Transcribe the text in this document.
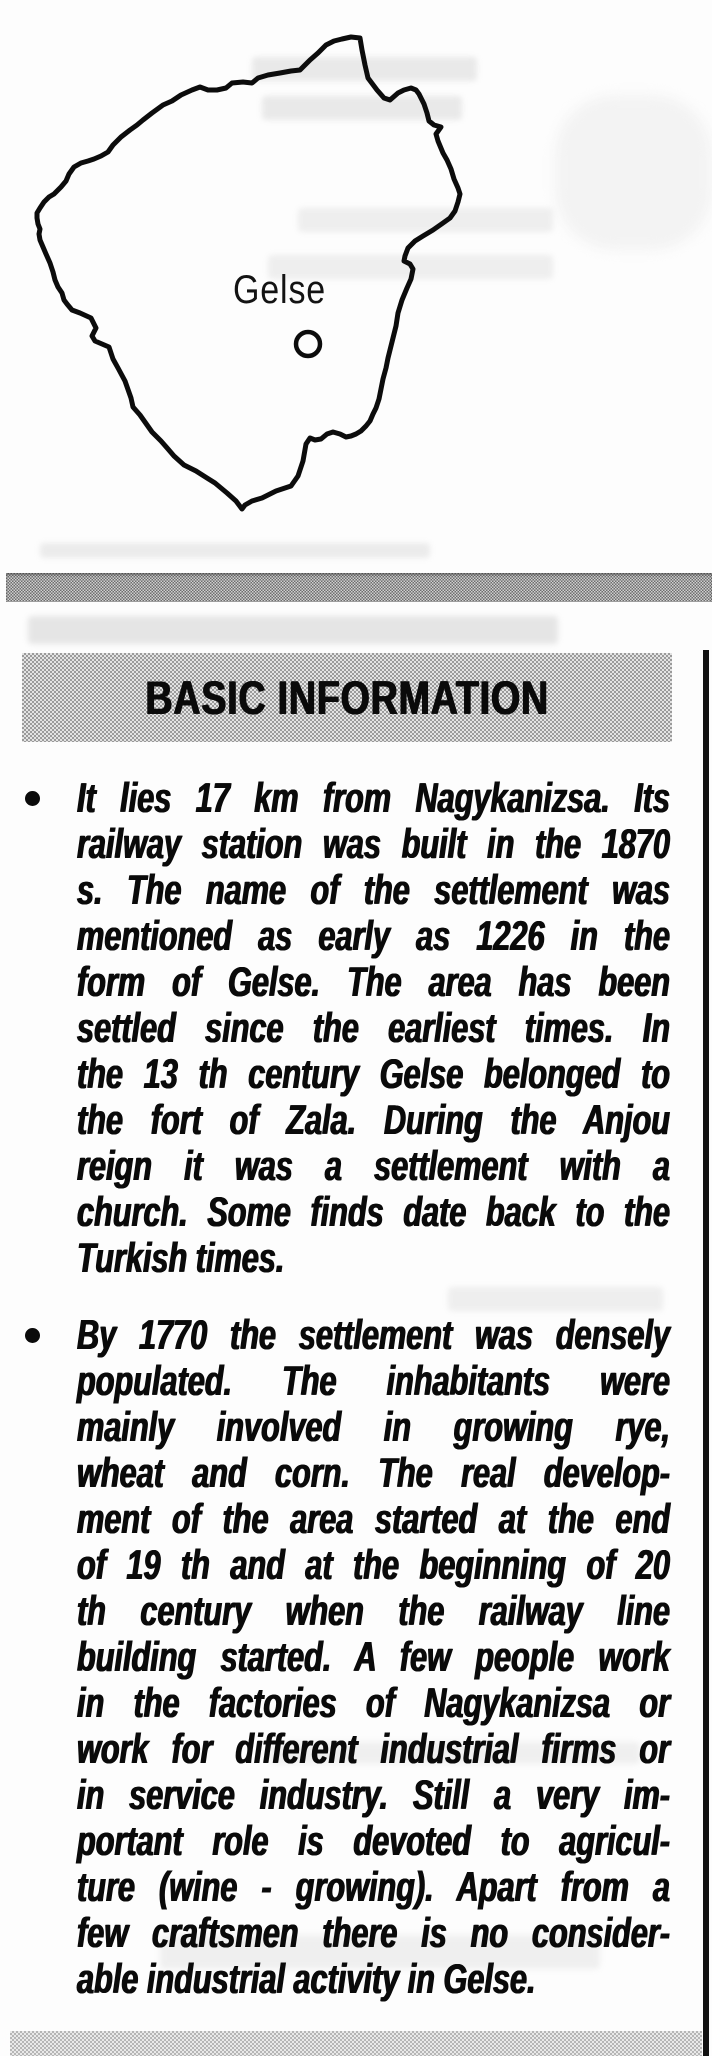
Gelse
BASIC INFORMATION
It lies 17 km from Nagykanizsa. Its
railway station was built in the 1870
s. The name of the settlement was
mentioned as early as 1226 in the
form of Gelse. The area has been
settled since the earliest times. In
the 13 th century Gelse belonged to
the fort of Zala. During the Anjou
reign it was a settlement with a
church. Some finds date back to the
Turkish times.
By 1770 the settlement was densely
populated. The inhabitants were
mainly involved in growing rye,
wheat and corn. The real develop-
ment of the area started at the end
of 19 th and at the beginning of 20
th century when the railway line
building started. A few people work
in the factories of Nagykanizsa or
work for different industrial firms or
in service industry. Still a very im-
portant role is devoted to agricul-
ture (wine - growing). Apart from a
few craftsmen there is no consider-
able industrial activity in Gelse.
